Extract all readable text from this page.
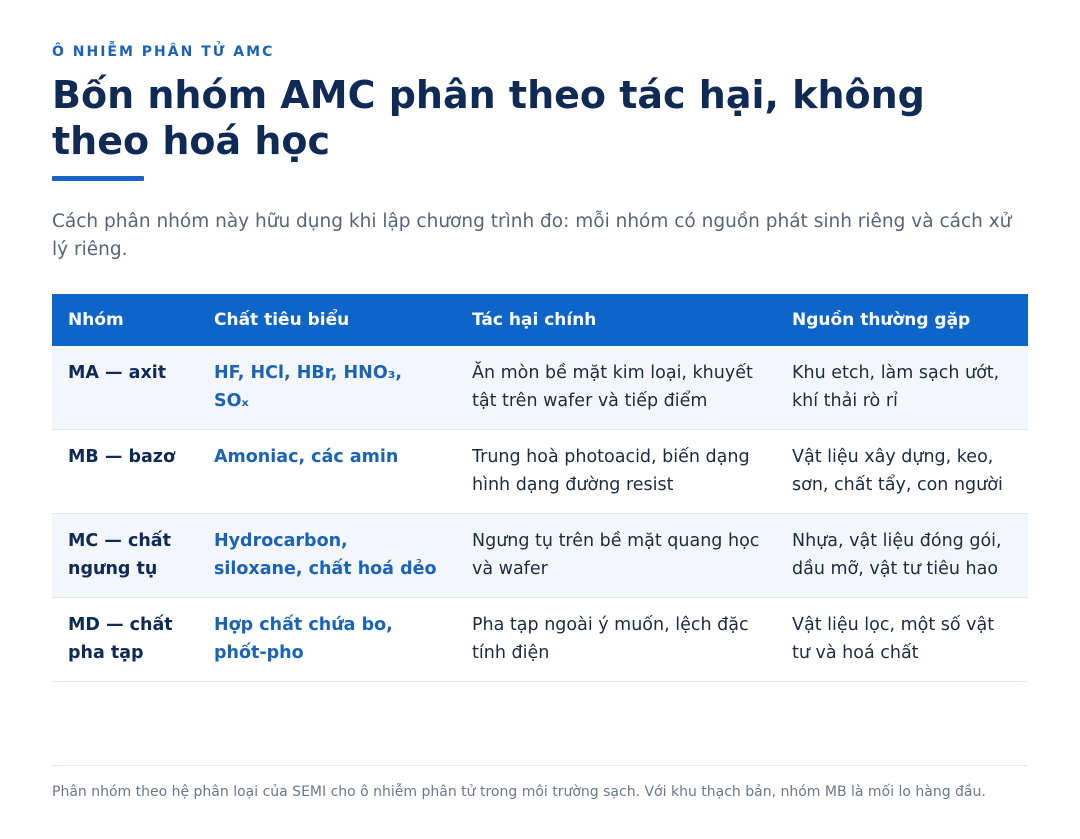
Ô NHIỄM PHÂN TỬ AMC
Bốn nhóm AMC phân theo tác hại, không theo hoá học

Cách phân nhóm này hữu dụng khi lập chương trình đo: mỗi nhóm có nguồn phát sinh riêng và cách xử lý riêng.

Nhóm	Chất tiêu biểu	Tác hại chính	Nguồn thường gặp
MA — axit	HF, HCl, HBr, HNO₃, SOₓ	Ăn mòn bề mặt kim loại, khuyết tật trên wafer và tiếp điểm	Khu etch, làm sạch ướt, khí thải rò rỉ
MB — bazơ	Amoniac, các amin	Trung hoà photoacid, biến dạng hình dạng đường resist	Vật liệu xây dựng, keo, sơn, chất tẩy, con người
MC — chất ngưng tụ	Hydrocarbon, siloxane, chất hoá dẻo	Ngưng tụ trên bề mặt quang học và wafer	Nhựa, vật liệu đóng gói, dầu mỡ, vật tư tiêu hao
MD — chất pha tạp	Hợp chất chứa bo, phốt-pho	Pha tạp ngoài ý muốn, lệch đặc tính điện	Vật liệu lọc, một số vật tư và hoá chất

Phân nhóm theo hệ phân loại của SEMI cho ô nhiễm phân tử trong môi trường sạch. Với khu thạch bản, nhóm MB là mối lo hàng đầu.
